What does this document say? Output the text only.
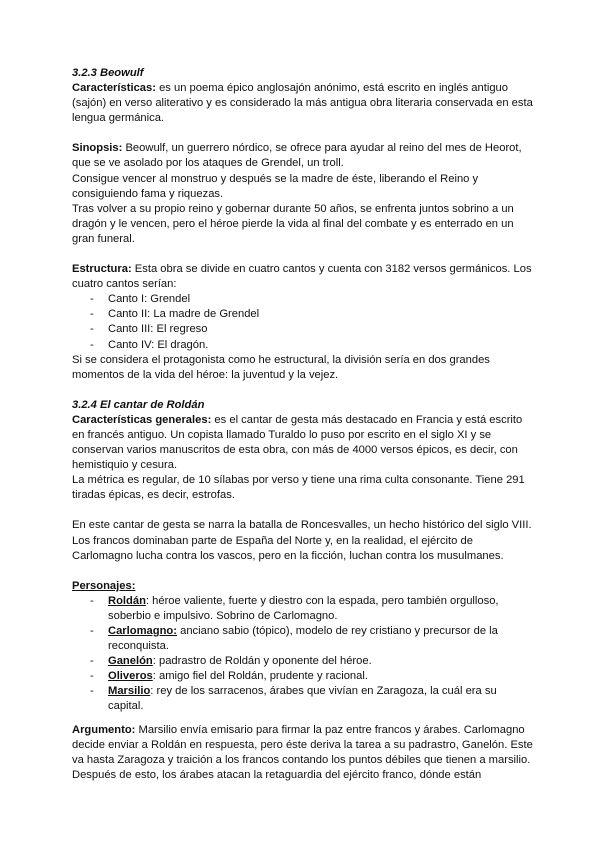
3.2.3 Beowulf

Características: es un poema épico anglosajón anónimo, está escrito en inglés antiguo (sajón) en verso aliterativo y es considerado la más antigua obra literaria conservada en esta lengua germánica.

Sinopsis: Beowulf, un guerrero nórdico, se ofrece para ayudar al reino del mes de Heorot, que se ve asolado por los ataques de Grendel, un troll.

Consigue vencer al monstruo y después se la madre de éste, liberando el Reino y consiguiendo fama y riquezas.

Tras volver a su propio reino y gobernar durante 50 años, se enfrenta juntos sobrino a un dragón y le vencen, pero el héroe pierde la vida al final del combate y es enterrado en un gran funeral.

Estructura: Esta obra se divide en cuatro cantos y cuenta con 3182 versos germánicos. Los cuatro cantos serían:

- Canto I: Grendel
- Canto II: La madre de Grendel
- Canto III: El regreso
- Canto IV: El dragón.

Si se considera el protagonista como he estructural, la división sería en dos grandes momentos de la vida del héroe: la juventud y la vejez.

3.2.4 El cantar de Roldán

Características generales: es el cantar de gesta más destacado en Francia y está escrito en francés antiguo. Un copista llamado Turaldo lo puso por escrito en el siglo XI y se conservan varios manuscritos de esta obra, con más de 4000 versos épicos, es decir, con hemistiquio y cesura.

La métrica es regular, de 10 sílabas por verso y tiene una rima culta consonante. Tiene 291 tiradas épicas, es decir, estrofas.

En este cantar de gesta se narra la batalla de Roncesvalles, un hecho histórico del siglo VIII. Los francos dominaban parte de España del Norte y, en la realidad, el ejército de Carlomagno lucha contra los vascos, pero en la ficción, luchan contra los musulmanes.

Personajes:

- Roldán: héroe valiente, fuerte y diestro con la espada, pero también orgulloso, soberbio e impulsivo. Sobrino de Carlomagno.
- Carlomagno: anciano sabio (tópico), modelo de rey cristiano y precursor de la reconquista.
- Ganelón: padrastro de Roldán y oponente del héroe.
- Oliveros: amigo fiel del Roldán, prudente y racional.
- Marsilio: rey de los sarracenos, árabes que vivían en Zaragoza, la cuál era su capital.

Argumento: Marsilio envía emisario para firmar la paz entre francos y árabes. Carlomagno decide enviar a Roldán en respuesta, pero éste deriva la tarea a su padrastro, Ganelón. Este va hasta Zaragoza y traición a los francos contando los puntos débiles que tienen a marsilio. Después de esto, los árabes atacan la retaguardia del ejército franco, dónde están
